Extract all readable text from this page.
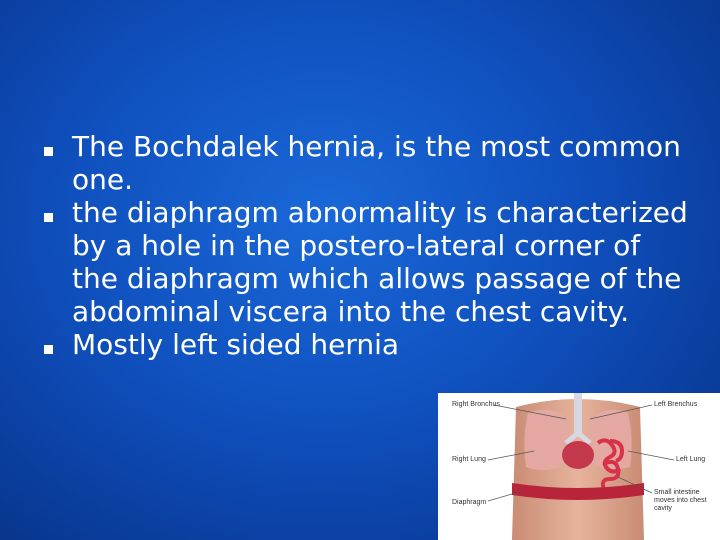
The Bochdalek hernia, is the most common one.
the diaphragm abnormality is characterized by a hole in the postero-lateral corner of the diaphragm which allows passage of the abdominal viscera into the chest cavity.
Mostly left sided hernia
Right Bronchus	Left Brenchus
Right Lung	Left Lung
Diaphragm
Small intestine moves into chest cavity
